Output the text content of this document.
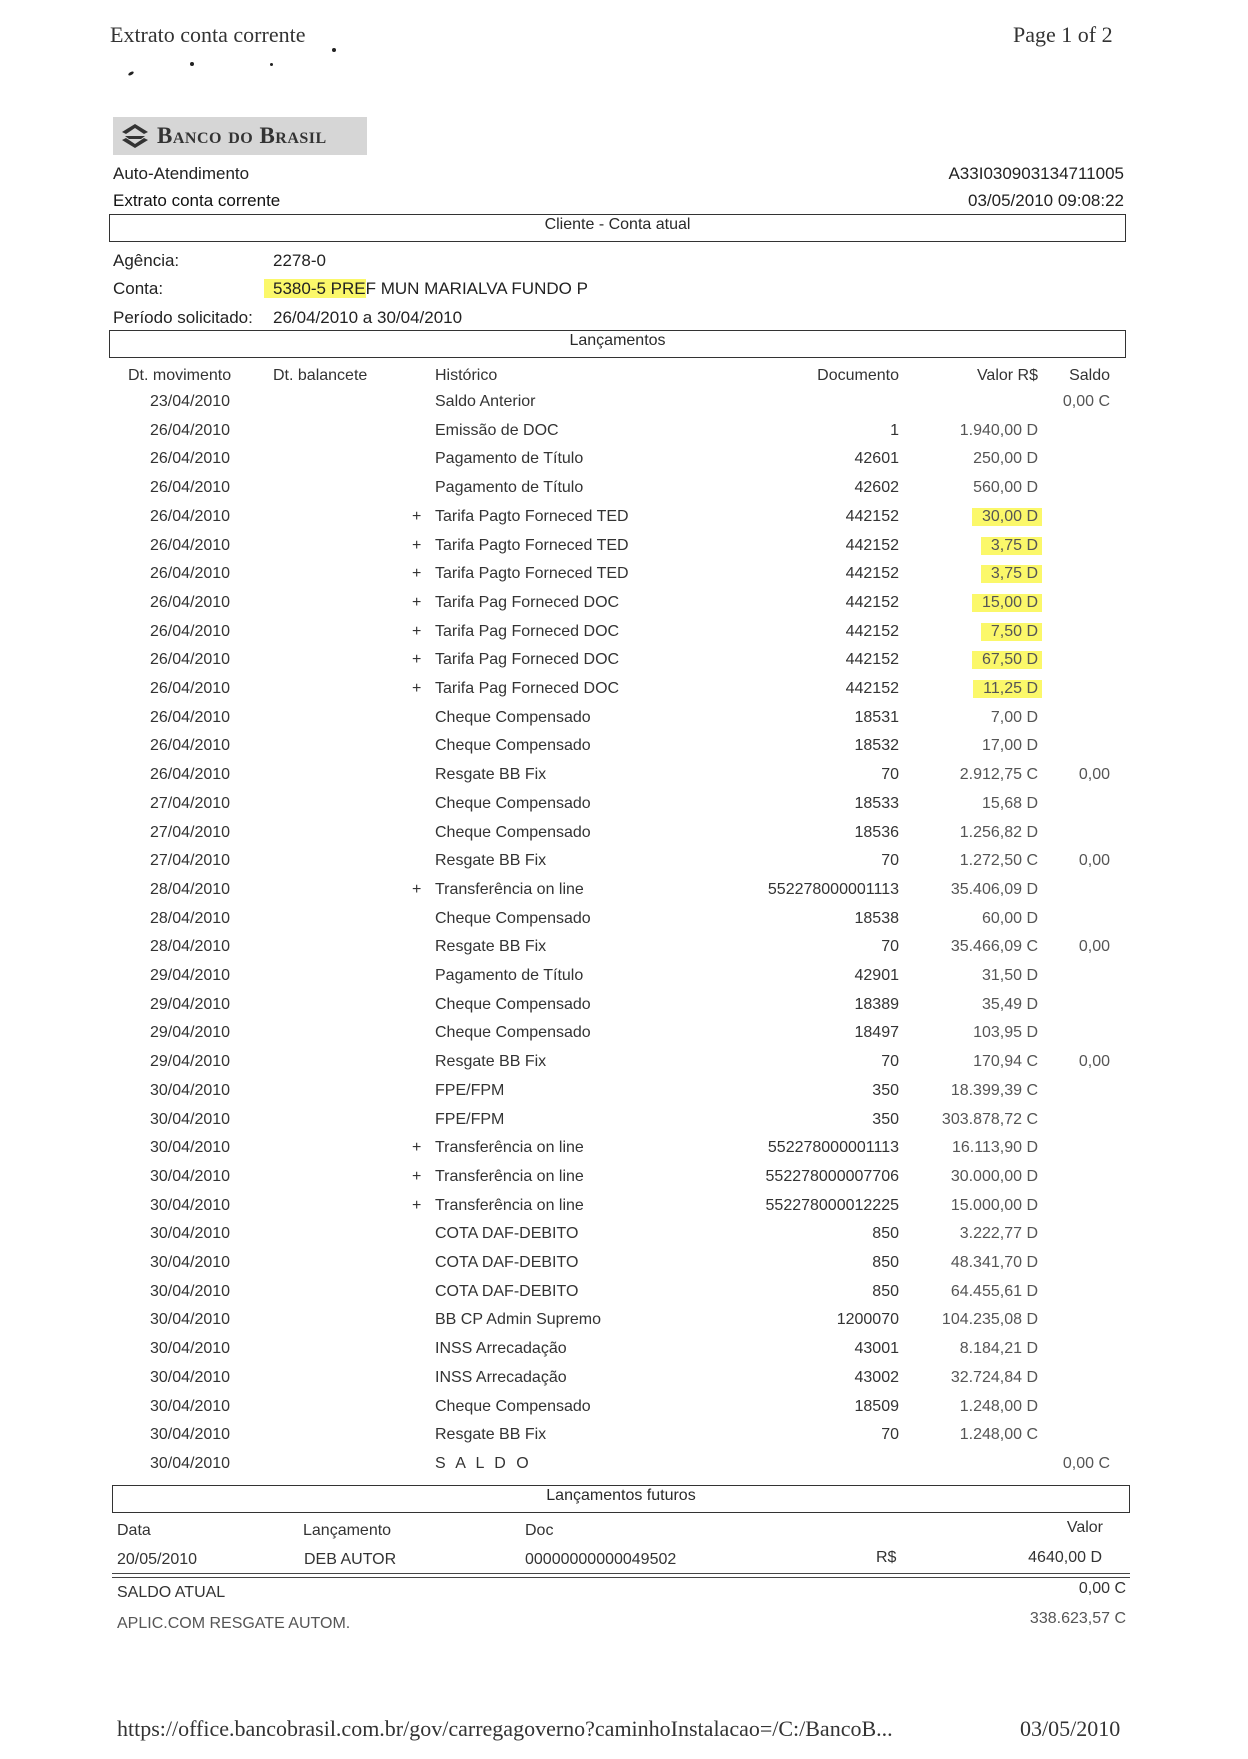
Extrato conta corrente	Page 1 of 2
Banco do Brasil
Auto-Atendimento
Extrato conta corrente
A33I030903134711005
03/05/2010 09:08:22
Cliente - Conta atual
Agência:	2278-0
Conta:	5380-5 PREF MUN MARIALVA FUNDO P
Período solicitado: 26/04/2010 a 30/04/2010
Lançamentos
Dt. movimento	Dt. balancete	Histórico	Documento	Valor R$ Saldo
23/04/2010	Saldo Anterior	0,00 C
26/04/2010	Emissão de DOC	1	1.940,00 D
26/04/2010	Pagamento de Título	42601	250,00 D
26/04/2010	Pagamento de Título	42602	560,00 D
26/04/2010	+ Tarifa Pagto Forneced TED	442152	30,00 D
26/04/2010	+ Tarifa Pagto Forneced TED	442152	3,75 D
26/04/2010	+ Tarifa Pagto Forneced TED	442152	3,75 D
26/04/2010	+ Tarifa Pag Forneced DOC	442152	15,00 D
26/04/2010	+ Tarifa Pag Forneced DOC	442152	7,50 D
26/04/2010	+ Tarifa Pag Forneced DOC	442152	67,50 D
26/04/2010	+ Tarifa Pag Forneced DOC	442152	11,25 D
26/04/2010	Cheque Compensado	18531	7,00 D
26/04/2010	Cheque Compensado	18532	17,00 D
26/04/2010	Resgate BB Fix	70	2.912,75 C	0,00
27/04/2010	Cheque Compensado	18533	15,68 D
27/04/2010	Cheque Compensado	18536	1.256,82 D
27/04/2010	Resgate BB Fix	70	1.272,50 C	0,00
28/04/2010	+ Transferência on line	552278000001113	35.406,09 D
28/04/2010	Cheque Compensado	18538	60,00 D
28/04/2010	Resgate BB Fix	70	35.466,09 C	0,00
29/04/2010	Pagamento de Título	42901	31,50 D
29/04/2010	Cheque Compensado	18389	35,49 D
29/04/2010	Cheque Compensado	18497	103,95 D
29/04/2010	Resgate BB Fix	70	170,94 C	0,00
30/04/2010	FPE/FPM	350	18.399,39 C
30/04/2010	FPE/FPM	350	303.878,72 C
30/04/2010	+ Transferência on line	552278000001113	16.113,90 D
30/04/2010	+ Transferência on line	552278000007706	30.000,00 D
30/04/2010	+ Transferência on line	552278000012225	15.000,00 D
30/04/2010	COTA DAF-DEBITO	850	3.222,77 D
30/04/2010	COTA DAF-DEBITO	850	48.341,70 D
30/04/2010	COTA DAF-DEBITO	850	64.455,61 D
30/04/2010	BB CP Admin Supremo	1200070	104.235,08 D
30/04/2010	INSS Arrecadação	43001	8.184,21 D
30/04/2010	INSS Arrecadação	43002	32.724,84 D
30/04/2010	Cheque Compensado	18509	1.248,00 D
30/04/2010	Resgate BB Fix	70	1.248,00 C
30/04/2010	S A L D O	0,00 C
Lançamentos futuros
Data	Lançamento	Doc	Valor
20/05/2010	DEB AUTOR	00000000000049502	R$	4640,00 D
SALDO ATUAL	0,00 C
APLIC.COM RESGATE AUTOM.	338.623,57 C
https://office.bancobrasil.com.br/gov/carregagoverno?caminhoInstalacao=/C:/BancoB...	03/05/2010
